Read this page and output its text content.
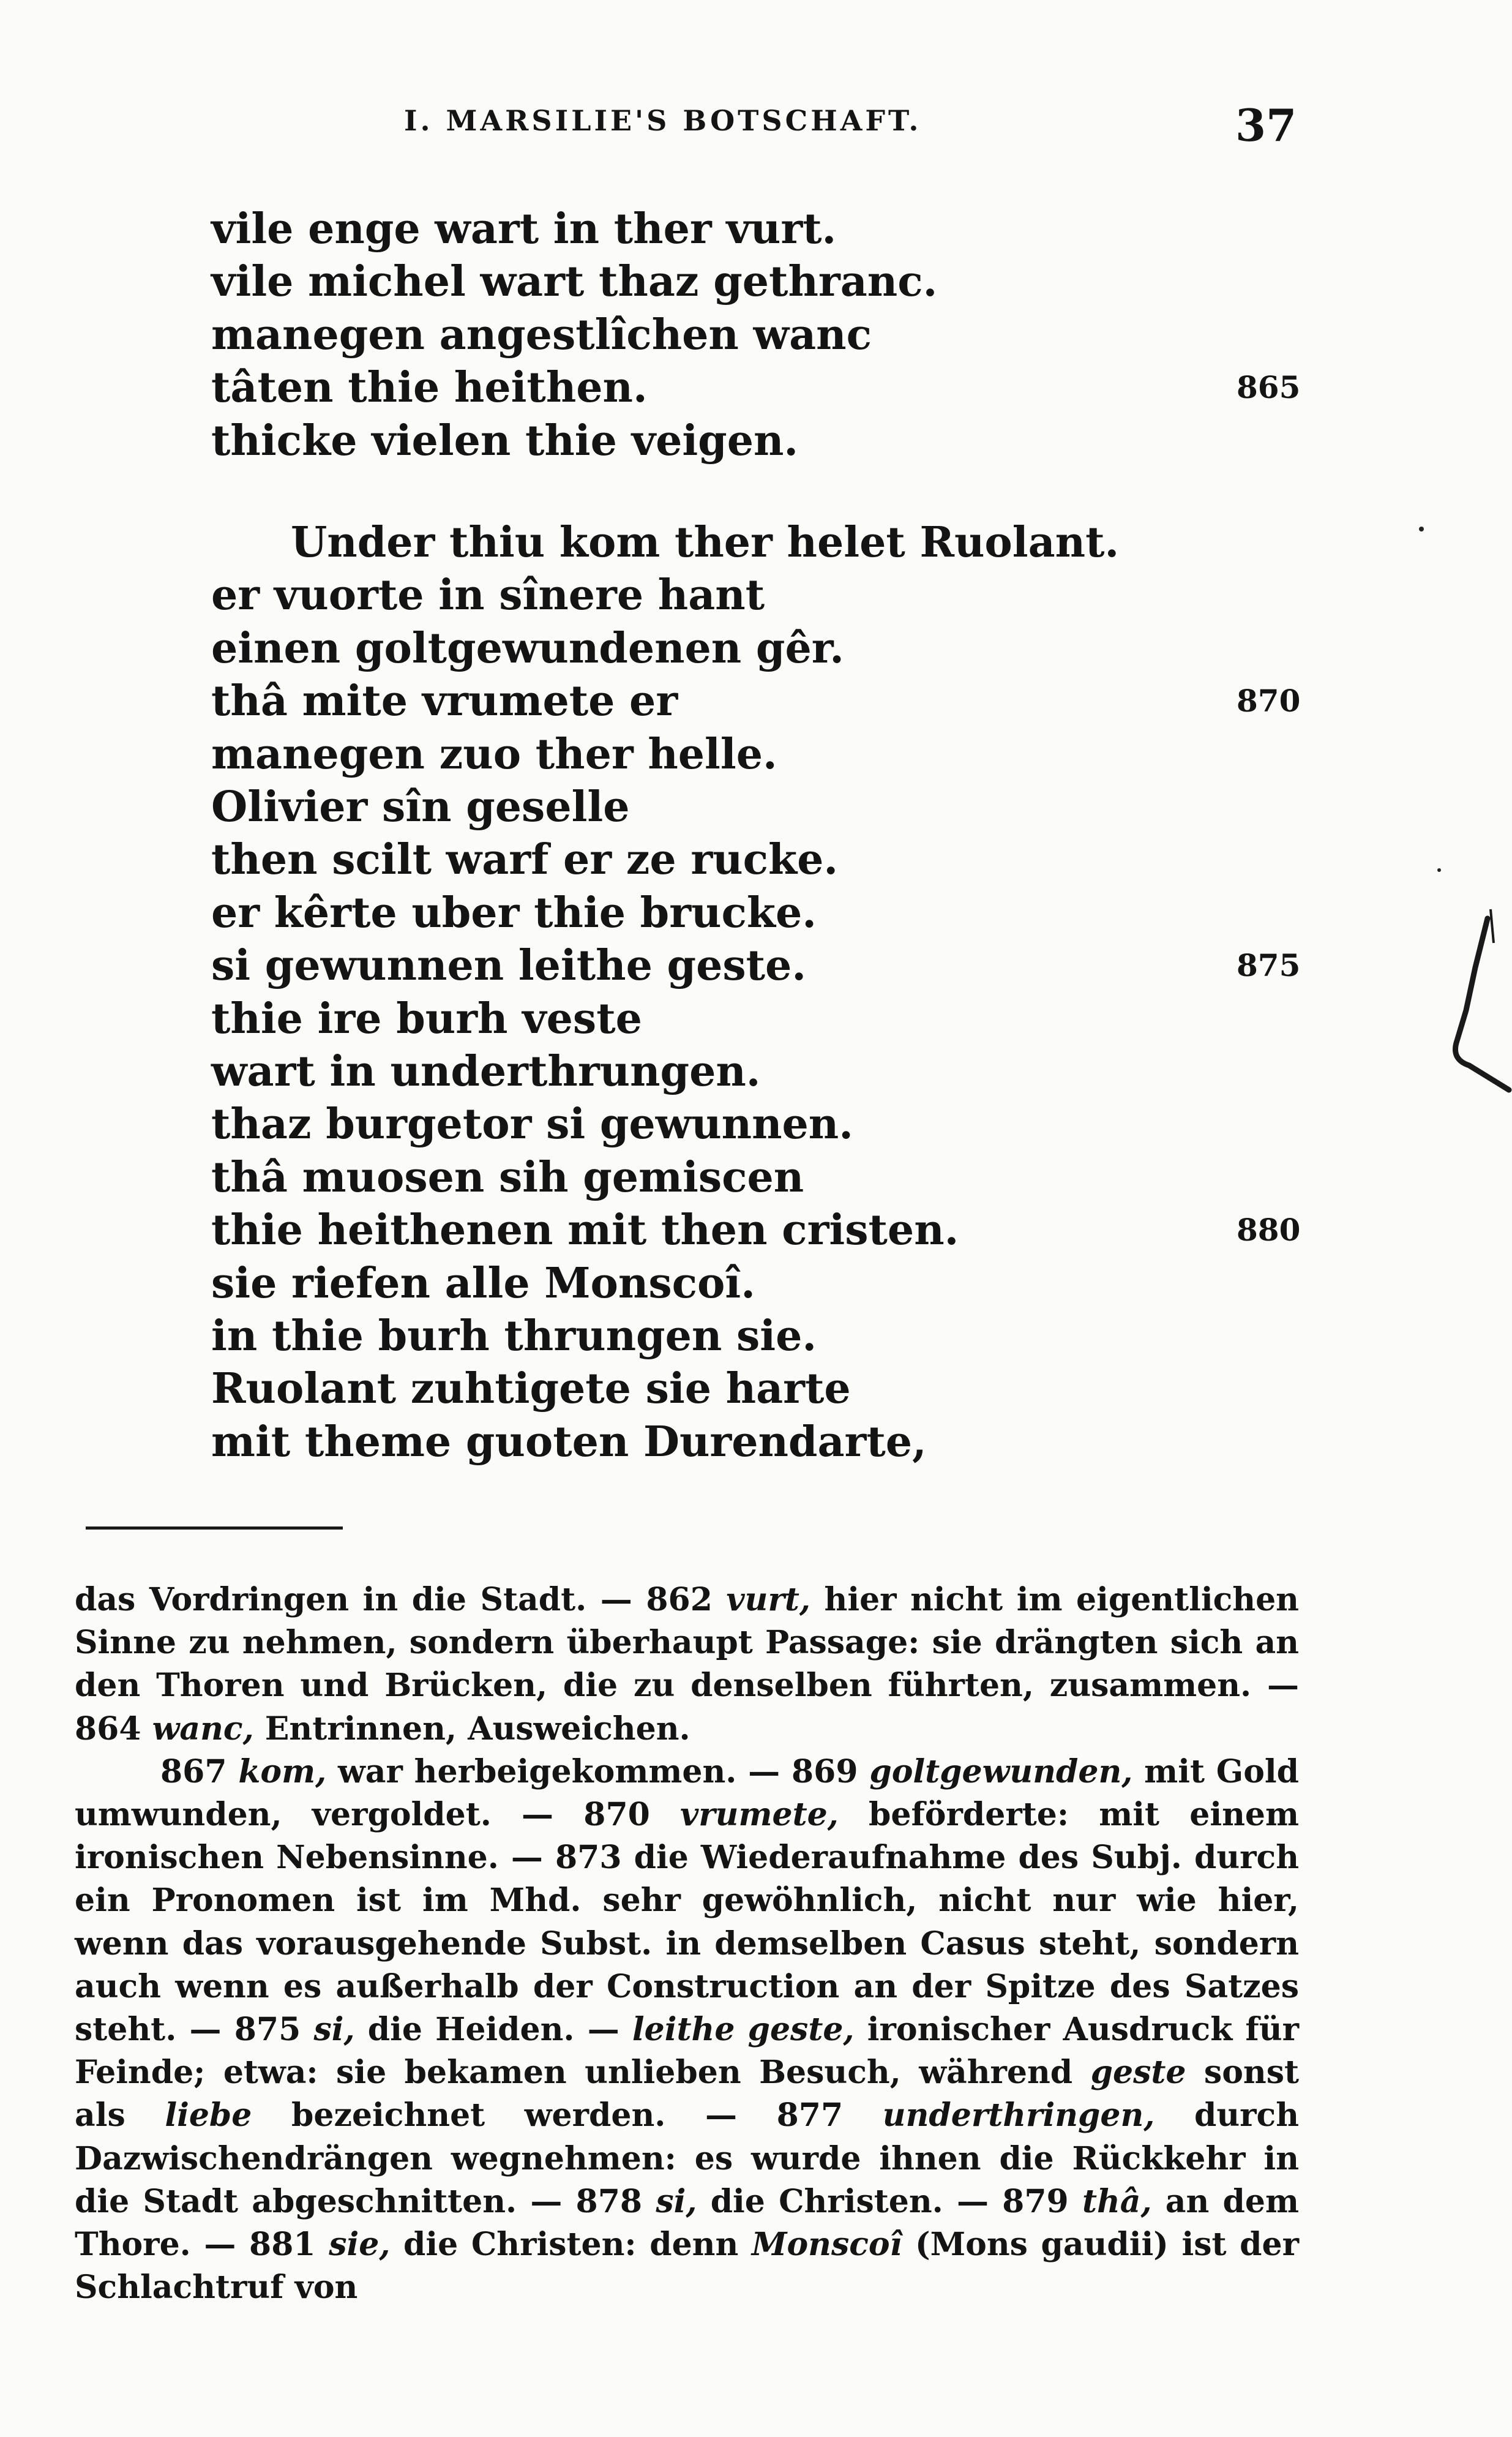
I. MARSILIE'S BOTSCHAFT.	37
vile enge wart in ther vurt.
vile michel wart thaz gethranc.
manegen angestlîchen wanc
tâten thie heithen.	865
thicke vielen thie veigen.
Under thiu kom ther helet Ruolant.
er vuorte in sînere hant
einen goltgewundenen gêr.
thâ mite vrumete er	870
manegen zuo ther helle.
Olivier sîn geselle
then scilt warf er ze rucke.
er kêrte uber thie brucke.
si gewunnen leithe geste.	875
thie ire burh veste
wart in underthrungen.
thaz burgetor si gewunnen.
thâ muosen sih gemiscen
thie heithenen mit then cristen.	880
sie riefen alle Monscoî.
in thie burh thrungen sie.
Ruolant zuhtigete sie harte
mit theme guoten Durendarte,

das Vordringen in die Stadt. — 862 vurt, hier nicht im eigentlichen Sinne zu nehmen, sondern überhaupt Passage: sie drängten sich an den Thoren und Brücken, die zu denselben führten, zusammen. — 864 wanc, Entrinnen, Ausweichen.

867 kom, war herbeigekommen. — 869 goltgewunden, mit Gold umwunden, vergoldet. — 870 vrumete, beförderte: mit einem ironischen Nebensinne. — 873 die Wiederaufnahme des Subj. durch ein Pronomen ist im Mhd. sehr gewöhnlich, nicht nur wie hier, wenn das vorausgehende Subst. in demselben Casus steht, sondern auch wenn es außerhalb der Construction an der Spitze des Satzes steht. — 875 si, die Heiden. — leithe geste, ironischer Ausdruck für Feinde; etwa: sie bekamen unlieben Besuch, während geste sonst als liebe bezeichnet werden. — 877 underthringen, durch Dazwischendrängen wegnehmen: es wurde ihnen die Rückkehr in die Stadt abgeschnitten. — 878 si, die Christen. — 879 thâ, an dem Thore. — 881 sie, die Christen: denn Monscoî (Mons gaudii) ist der Schlachtruf von
